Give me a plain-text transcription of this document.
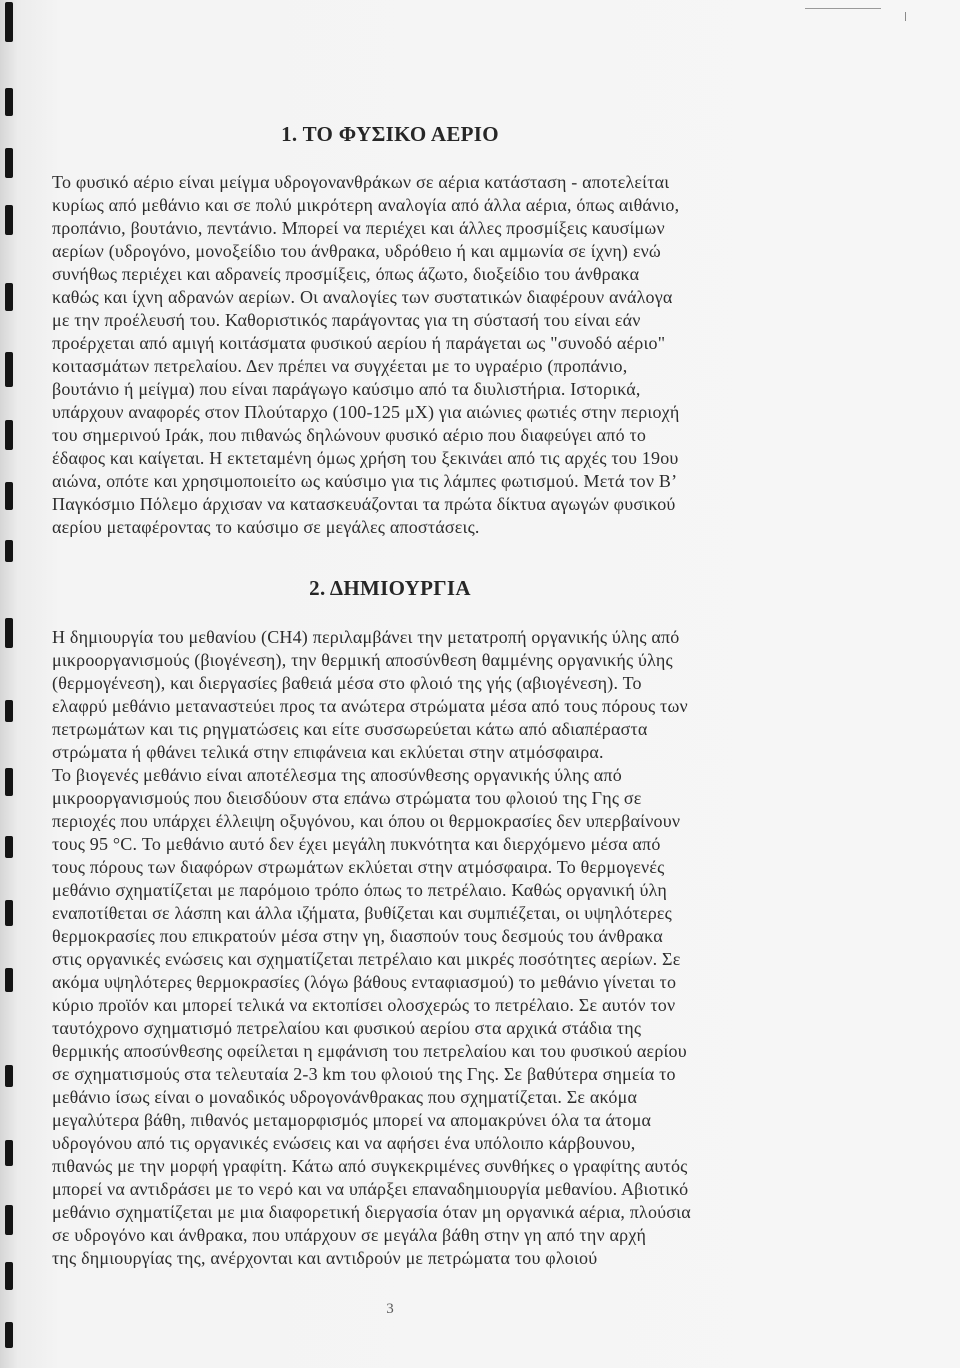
1. ΤΟ ΦΥΣΙΚΟ ΑΕΡΙΟ
Το φυσικό αέριο είναι μείγμα υδρογονανθράκων σε αέρια κατάσταση - αποτελείται
κυρίως από μεθάνιο και σε πολύ μικρότερη αναλογία από άλλα αέρια, όπως αιθάνιο,
προπάνιο, βουτάνιο, πεντάνιο. Μπορεί να περιέχει και άλλες προσμίξεις καυσίμων
αερίων (υδρογόνο, μονοξείδιο του άνθρακα, υδρόθειο ή και αμμωνία σε ίχνη) ενώ
συνήθως περιέχει και αδρανείς προσμίξεις, όπως άζωτο, διοξείδιο του άνθρακα
καθώς και ίχνη αδρανών αερίων. Οι αναλογίες των συστατικών διαφέρουν ανάλογα
με την προέλευσή του. Καθοριστικός παράγοντας για τη σύστασή του είναι εάν
προέρχεται από αμιγή κοιτάσματα φυσικού αερίου ή παράγεται ως "συνοδό αέριο"
κοιτασμάτων πετρελαίου. Δεν πρέπει να συγχέεται με το υγραέριο (προπάνιο,
βουτάνιο ή μείγμα) που είναι παράγωγο καύσιμο από τα διυλιστήρια. Ιστορικά,
υπάρχουν αναφορές στον Πλούταρχο (100-125 μΧ) για αιώνιες φωτιές στην περιοχή
του σημερινού Ιράκ, που πιθανώς δηλώνουν φυσικό αέριο που διαφεύγει από το
έδαφος και καίγεται. Η εκτεταμένη όμως χρήση του ξεκινάει από τις αρχές του 19ου
αιώνα, οπότε και χρησιμοποιείτο ως καύσιμο για τις λάμπες φωτισμού. Μετά τον Β’
Παγκόσμιο Πόλεμο άρχισαν να κατασκευάζονται τα πρώτα δίκτυα αγωγών φυσικού
αερίου μεταφέροντας το καύσιμο σε μεγάλες αποστάσεις.
2. ΔΗΜΙΟΥΡΓΙΑ
Η δημιουργία του μεθανίου (CH4) περιλαμβάνει την μετατροπή οργανικής ύλης από
μικροοργανισμούς (βιογένεση), την θερμική αποσύνθεση θαμμένης οργανικής ύλης
(θερμογένεση), και διεργασίες βαθειά μέσα στο φλοιό της γής (αβιογένεση). Το
ελαφρύ μεθάνιο μεταναστεύει προς τα ανώτερα στρώματα μέσα από τους πόρους των
πετρωμάτων και τις ρηγματώσεις και είτε συσσωρεύεται κάτω από αδιαπέραστα
στρώματα ή φθάνει τελικά στην επιφάνεια και εκλύεται στην ατμόσφαιρα.
Το βιογενές μεθάνιο είναι αποτέλεσμα της αποσύνθεσης οργανικής ύλης από
μικροοργανισμούς που διεισδύουν στα επάνω στρώματα του φλοιού της Γης σε
περιοχές που υπάρχει έλλειψη οξυγόνου, και όπου οι θερμοκρασίες δεν υπερβαίνουν
τους 95 °C. Το μεθάνιο αυτό δεν έχει μεγάλη πυκνότητα και διερχόμενο μέσα από
τους πόρους των διαφόρων στρωμάτων εκλύεται στην ατμόσφαιρα. Το θερμογενές
μεθάνιο σχηματίζεται με παρόμοιο τρόπο όπως το πετρέλαιο. Καθώς οργανική ύλη
εναποτίθεται σε λάσπη και άλλα ιζήματα, βυθίζεται και συμπιέζεται, οι υψηλότερες
θερμοκρασίες που επικρατούν μέσα στην γη, διασπούν τους δεσμούς του άνθρακα
στις οργανικές ενώσεις και σχηματίζεται πετρέλαιο και μικρές ποσότητες αερίων. Σε
ακόμα υψηλότερες θερμοκρασίες (λόγω βάθους ενταφιασμού) το μεθάνιο γίνεται το
κύριο προϊόν και μπορεί τελικά να εκτοπίσει ολοσχερώς το πετρέλαιο. Σε αυτόν τον
ταυτόχρονο σχηματισμό πετρελαίου και φυσικού αερίου στα αρχικά στάδια της
θερμικής αποσύνθεσης οφείλεται η εμφάνιση του πετρελαίου και του φυσικού αερίου
σε σχηματισμούς στα τελευταία 2-3 km του φλοιού της Γης. Σε βαθύτερα σημεία το
μεθάνιο ίσως είναι ο μοναδικός υδρογονάνθρακας που σχηματίζεται. Σε ακόμα
μεγαλύτερα βάθη, πιθανός μεταμορφισμός μπορεί να απομακρύνει όλα τα άτομα
υδρογόνου από τις οργανικές ενώσεις και να αφήσει ένα υπόλοιπο κάρβουνου,
πιθανώς με την μορφή γραφίτη. Κάτω από συγκεκριμένες συνθήκες ο γραφίτης αυτός
μπορεί να αντιδράσει με το νερό και να υπάρξει επαναδημιουργία μεθανίου. Αβιοτικό
μεθάνιο σχηματίζεται με μια διαφορετική διεργασία όταν μη οργανικά αέρια, πλούσια
σε υδρογόνο και άνθρακα, που υπάρχουν σε μεγάλα βάθη στην γη από την αρχή
της δημιουργίας της, ανέρχονται και αντιδρούν με πετρώματα του φλοιού
3
